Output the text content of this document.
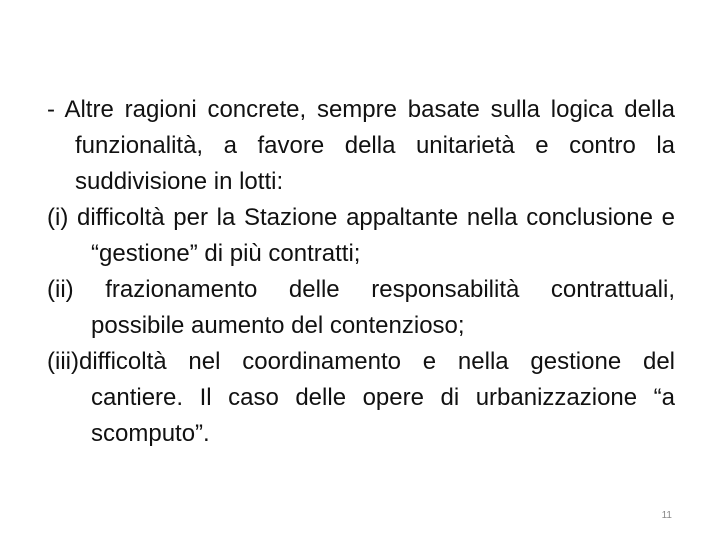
- Altre ragioni concrete, sempre basate sulla logica della funzionalità, a favore della unitarietà e contro la suddivisione in lotti:
(i) difficoltà per la Stazione appaltante nella conclusione e “gestione” di più contratti;
(ii) frazionamento delle responsabilità contrattuali, possibile aumento del contenzioso;
(iii)difficoltà nel coordinamento e nella gestione del cantiere. Il caso delle opere di urbanizzazione “a scomputo”.
11
